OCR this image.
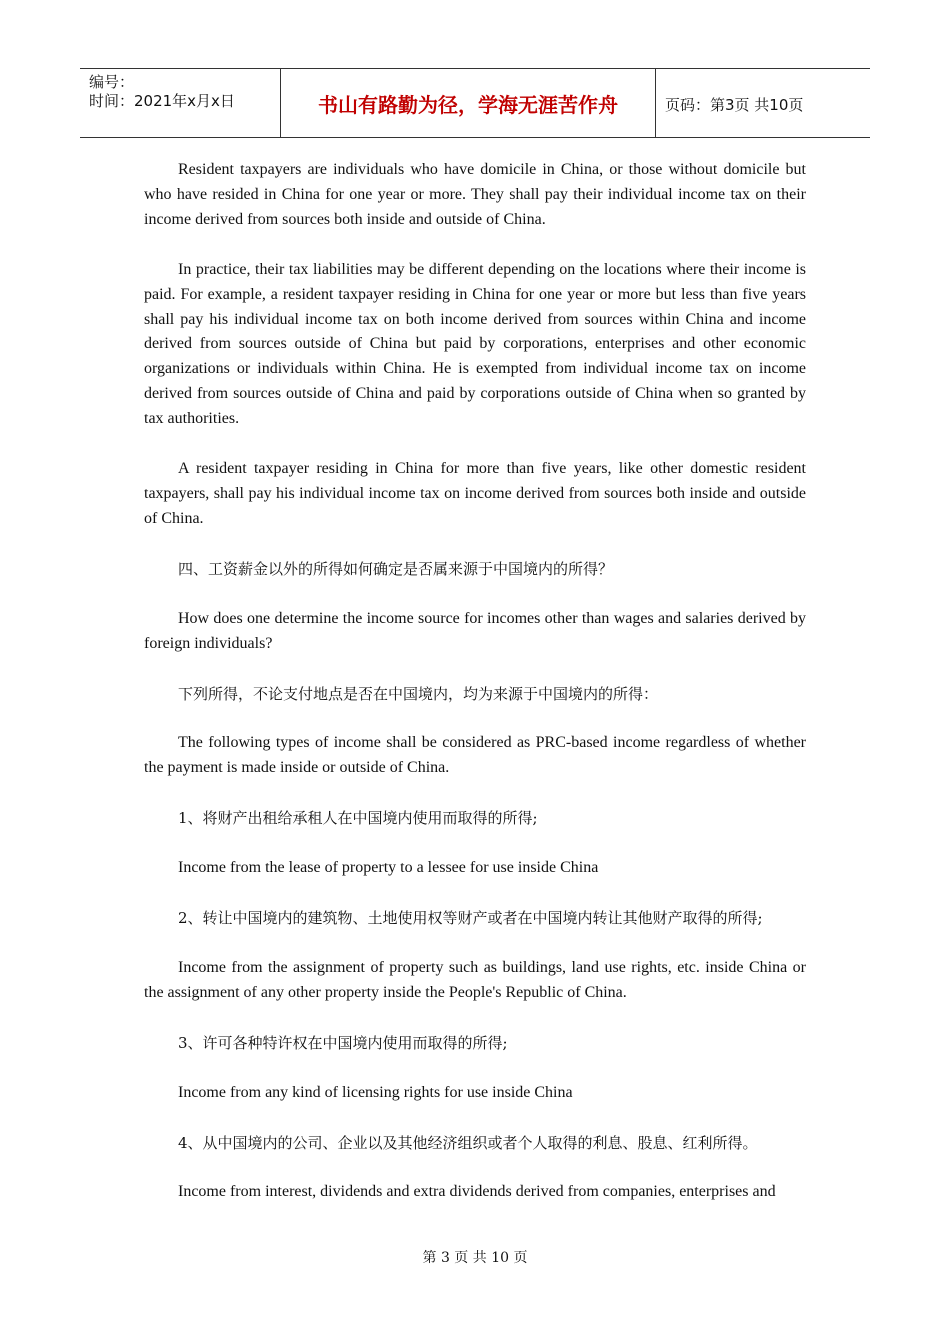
编号：
时间：2021年x月x日	书山有路勤为径，学海无涯苦作舟	页码：第3页 共10页

Resident taxpayers are individuals who have domicile in China, or those without domicile but who have resided in China for one year or more. They shall pay their individual income tax on their income derived from sources both inside and outside of China.

In practice, their tax liabilities may be different depending on the locations where their income is paid. For example, a resident taxpayer residing in China for one year or more but less than five years shall pay his individual income tax on both income derived from sources within China and income derived from sources outside of China but paid by corporations, enterprises and other economic organizations or individuals within China. He is exempted from individual income tax on income derived from sources outside of China and paid by corporations outside of China when so granted by tax authorities.

A resident taxpayer residing in China for more than five years, like other domestic resident taxpayers, shall pay his individual income tax on income derived from sources both inside and outside of China.

四、工资薪金以外的所得如何确定是否属来源于中国境内的所得？

How does one determine the income source for incomes other than wages and salaries derived by foreign individuals?

下列所得，不论支付地点是否在中国境内，均为来源于中国境内的所得：

The following types of income shall be considered as PRC-based income regardless of whether the payment is made inside or outside of China.

1、将财产出租给承租人在中国境内使用而取得的所得;

Income from the lease of property to a lessee for use inside China

2、转让中国境内的建筑物、土地使用权等财产或者在中国境内转让其他财产取得的所得;

Income from the assignment of property such as buildings, land use rights, etc. inside China or the assignment of any other property inside the People's Republic of China.

3、许可各种特许权在中国境内使用而取得的所得;

Income from any kind of licensing rights for use inside China

4、从中国境内的公司、企业以及其他经济组织或者个人取得的利息、股息、红利所得。

Income from interest, dividends and extra dividends derived from companies, enterprises and

第 3 页 共 10 页
